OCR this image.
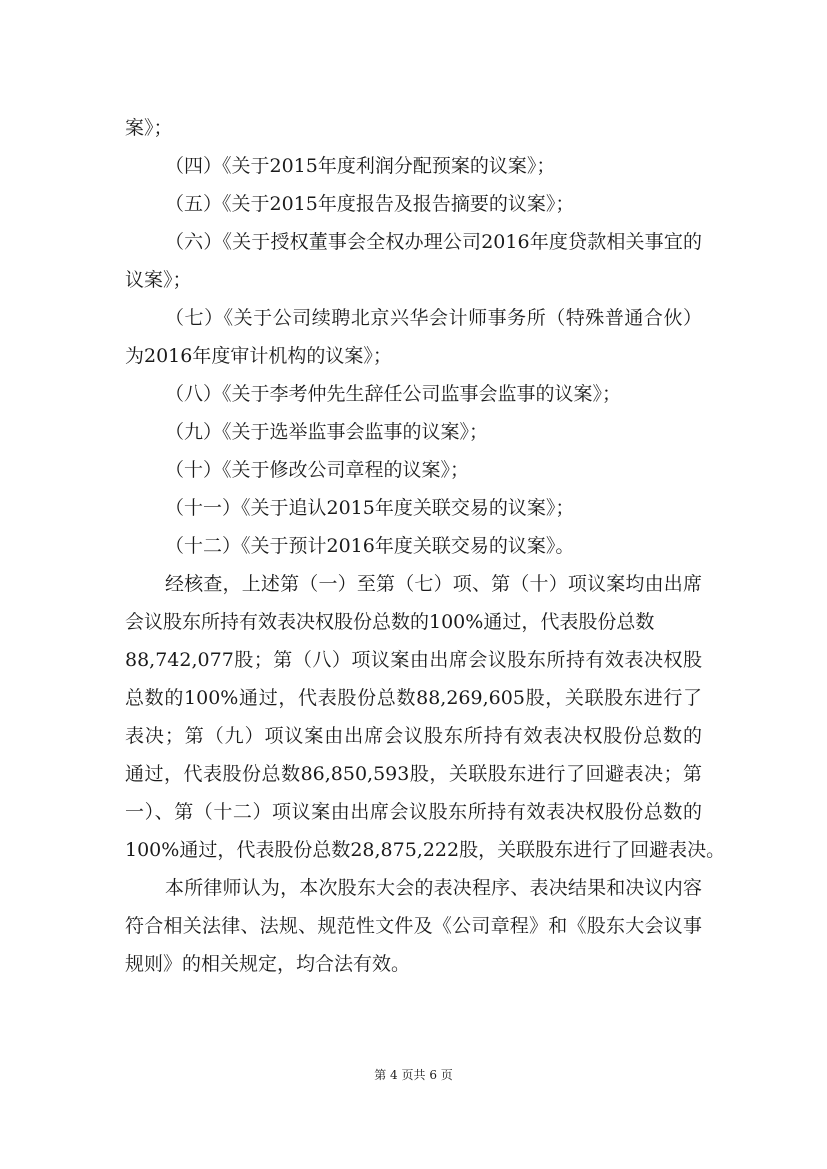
案》；
（四）《关于2015年度利润分配预案的议案》；
（五）《关于2015年度报告及报告摘要的议案》；
（六）《关于授权董事会全权办理公司2016年度贷款相关事宜的
议案》；
（七）《关于公司续聘北京兴华会计师事务所（特殊普通合伙）
为2016年度审计机构的议案》；
（八）《关于李考仲先生辞任公司监事会监事的议案》；
（九）《关于选举监事会监事的议案》；
（十）《关于修改公司章程的议案》；
（十一）《关于追认2015年度关联交易的议案》；
（十二）《关于预计2016年度关联交易的议案》。
经核查，上述第（一）至第（七）项、第（十）项议案均由出席
会议股东所持有效表决权股份总数的100%通过，代表股份总数
88,742,077股；第（八）项议案由出席会议股东所持有效表决权股
总数的100%通过，代表股份总数88,269,605股，关联股东进行了
表决；第（九）项议案由出席会议股东所持有效表决权股份总数的
通过，代表股份总数86,850,593股，关联股东进行了回避表决；第
一）、第（十二）项议案由出席会议股东所持有效表决权股份总数的
100%通过，代表股份总数28,875,222股，关联股东进行了回避表决。
本所律师认为，本次股东大会的表决程序、表决结果和决议内容
符合相关法律、法规、规范性文件及《公司章程》和《股东大会议事
规则》的相关规定，均合法有效。
第 4 页共 6 页
